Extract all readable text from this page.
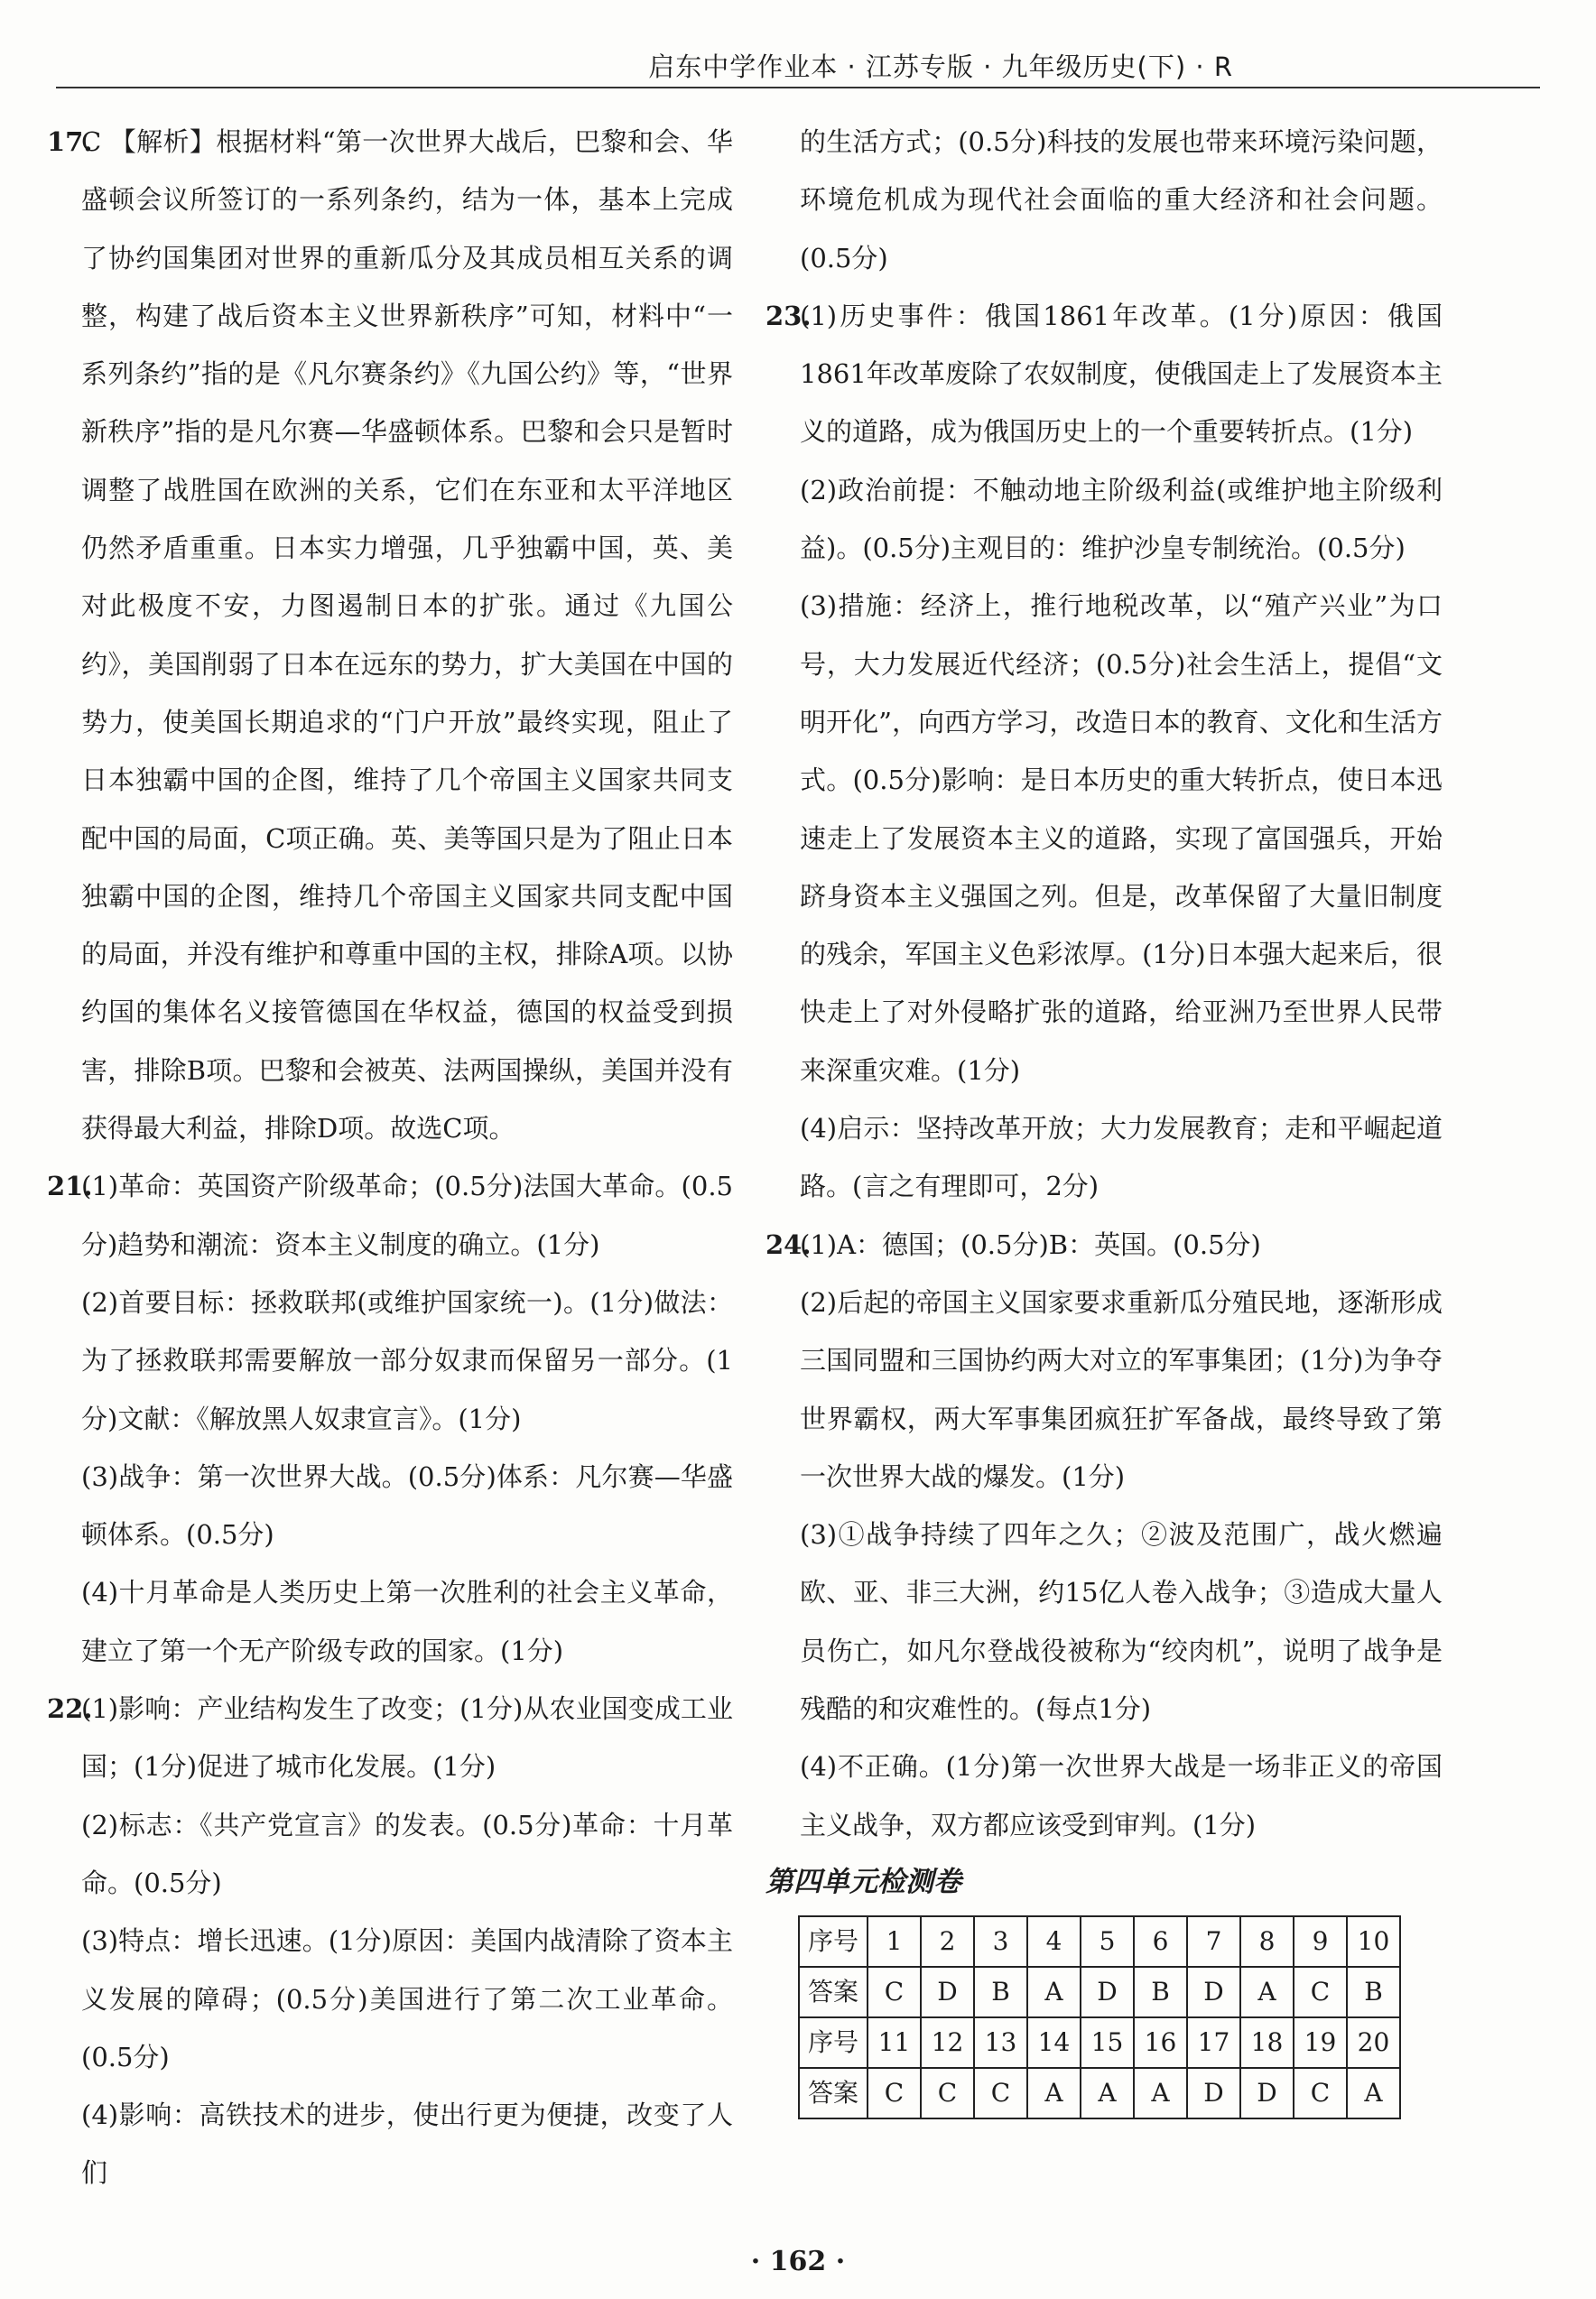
启东中学作业本 · 江苏专版 · 九年级历史(下) · R
17.

C 【解析】根据材料“第一次世界大战后，巴黎和会、华盛顿会议所签订的一系列条约，结为一体，基本上完成了协约国集团对世界的重新瓜分及其成员相互关系的调整，构建了战后资本主义世界新秩序”可知，材料中“一系列条约”指的是《凡尔赛条约》《九国公约》等，“世界新秩序”指的是凡尔赛—华盛顿体系。巴黎和会只是暂时调整了战胜国在欧洲的关系，它们在东亚和太平洋地区仍然矛盾重重。日本实力增强，几乎独霸中国，英、美对此极度不安，力图遏制日本的扩张。通过《九国公约》，美国削弱了日本在远东的势力，扩大美国在中国的势力，使美国长期追求的“门户开放”最终实现，阻止了日本独霸中国的企图，维持了几个帝国主义国家共同支配中国的局面，C项正确。英、美等国只是为了阻止日本独霸中国的企图，维持几个帝国主义国家共同支配中国的局面，并没有维护和尊重中国的主权，排除A项。以协约国的集体名义接管德国在华权益，德国的权益受到损害，排除B项。巴黎和会被英、法两国操纵，美国并没有获得最大利益，排除D项。故选C项。

21.

(1)革命：英国资产阶级革命；(0.5分)法国大革命。(0.5分)趋势和潮流：资本主义制度的确立。(1分)

(2)首要目标：拯救联邦(或维护国家统一)。(1分)做法：为了拯救联邦需要解放一部分奴隶而保留另一部分。(1分)文献：《解放黑人奴隶宣言》。(1分)

(3)战争：第一次世界大战。(0.5分)体系：凡尔赛—华盛顿体系。(0.5分)

(4)十月革命是人类历史上第一次胜利的社会主义革命，建立了第一个无产阶级专政的国家。(1分)

22.

(1)影响：产业结构发生了改变；(1分)从农业国变成工业国；(1分)促进了城市化发展。(1分)

(2)标志：《共产党宣言》的发表。(0.5分)革命：十月革命。(0.5分)

(3)特点：增长迅速。(1分)原因：美国内战清除了资本主义发展的障碍；(0.5分)美国进行了第二次工业革命。(0.5分)

(4)影响：高铁技术的进步，使出行更为便捷，改变了人们

的生活方式；(0.5分)科技的发展也带来环境污染问题，环境危机成为现代社会面临的重大经济和社会问题。(0.5分)

23.

(1)历史事件：俄国1861年改革。(1分)原因：俄国1861年改革废除了农奴制度，使俄国走上了发展资本主义的道路，成为俄国历史上的一个重要转折点。(1分)

(2)政治前提：不触动地主阶级利益(或维护地主阶级利益)。(0.5分)主观目的：维护沙皇专制统治。(0.5分)

(3)措施：经济上，推行地税改革，以“殖产兴业”为口号，大力发展近代经济；(0.5分)社会生活上，提倡“文明开化”，向西方学习，改造日本的教育、文化和生活方式。(0.5分)影响：是日本历史的重大转折点，使日本迅速走上了发展资本主义的道路，实现了富国强兵，开始跻身资本主义强国之列。但是，改革保留了大量旧制度的残余，军国主义色彩浓厚。(1分)日本强大起来后，很快走上了对外侵略扩张的道路，给亚洲乃至世界人民带来深重灾难。(1分)

(4)启示：坚持改革开放；大力发展教育；走和平崛起道路。(言之有理即可，2分)

24.

(1)A：德国；(0.5分)B：英国。(0.5分)

(2)后起的帝国主义国家要求重新瓜分殖民地，逐渐形成三国同盟和三国协约两大对立的军事集团；(1分)为争夺世界霸权，两大军事集团疯狂扩军备战，最终导致了第一次世界大战的爆发。(1分)

(3)①战争持续了四年之久；②波及范围广，战火燃遍欧、亚、非三大洲，约15亿人卷入战争；③造成大量人员伤亡，如凡尔登战役被称为“绞肉机”，说明了战争是残酷的和灾难性的。(每点1分)

(4)不正确。(1分)第一次世界大战是一场非正义的帝国主义战争，双方都应该受到审判。(1分)

第四单元检测卷
序号	1	2	3	4	5	6	7	8	9	10
答案	C	D	B	A	D	B	D	A	C	B
序号	11	12	13	14	15	16	17	18	19	20
答案	C	C	C	A	A	A	D	D	C	A
· 162 ·
